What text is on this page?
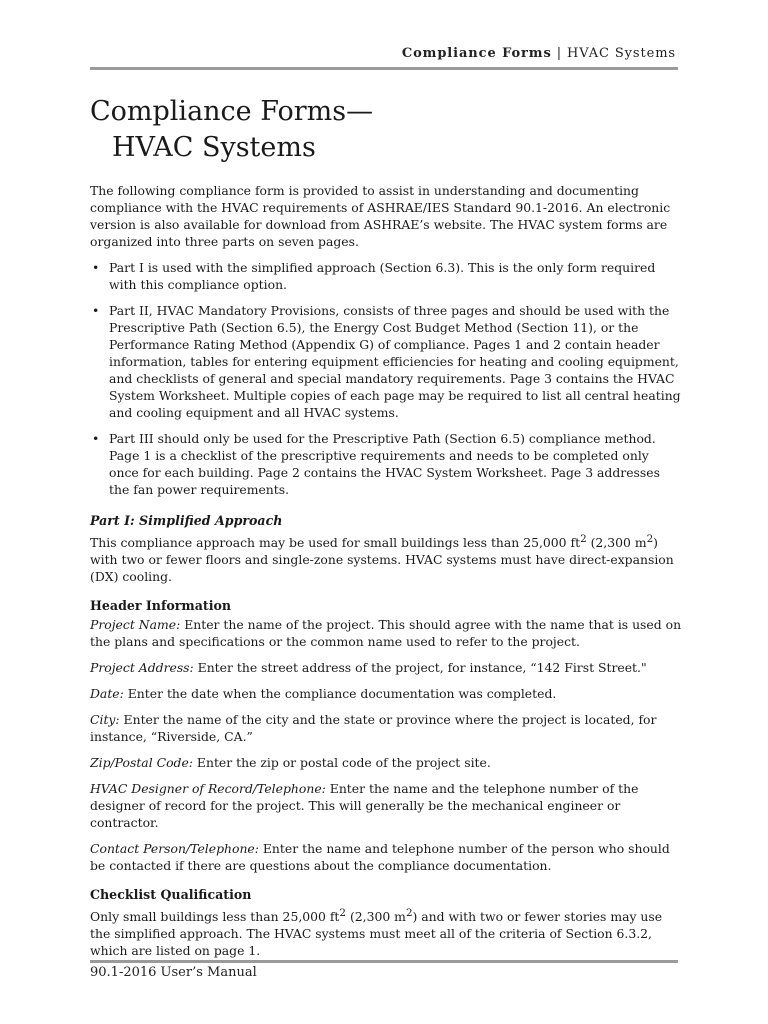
Compliance Forms | HVAC Systems
Compliance Forms—
HVAC Systems

The following compliance form is provided to assist in understanding and documenting compliance with the HVAC requirements of ASHRAE/IES Standard 90.1-2016. An electronic version is also available for download from ASHRAE’s website. The HVAC system forms are organized into three parts on seven pages.

• Part I is used with the simplified approach (Section 6.3). This is the only form required with this compliance option.
• Part II, HVAC Mandatory Provisions, consists of three pages and should be used with the Prescriptive Path (Section 6.5), the Energy Cost Budget Method (Section 11), or the Performance Rating Method (Appendix G) of compliance. Pages 1 and 2 contain header information, tables for entering equipment efficiencies for heating and cooling equipment, and checklists of general and special mandatory requirements. Page 3 contains the HVAC System Worksheet. Multiple copies of each page may be required to list all central heating and cooling equipment and all HVAC systems.
• Part III should only be used for the Prescriptive Path (Section 6.5) compliance method. Page 1 is a checklist of the prescriptive requirements and needs to be completed only once for each building. Page 2 contains the HVAC System Worksheet. Page 3 addresses the fan power requirements.
Part I: Simplified Approach

This compliance approach may be used for small buildings less than 25,000 $ft^2$ (2,300 $m^2$) with two or fewer floors and single-zone systems. HVAC systems must have direct-expansion (DX) cooling.

Header Information

Project Name: Enter the name of the project. This should agree with the name that is used on the plans and specifications or the common name used to refer to the project.

Project Address: Enter the street address of the project, for instance, “142 First Street."

Date: Enter the date when the compliance documentation was completed.

City: Enter the name of the city and the state or province where the project is located, for instance, “Riverside, CA.”

Zip/Postal Code: Enter the zip or postal code of the project site.

HVAC Designer of Record/Telephone: Enter the name and the telephone number of the designer of record for the project. This will generally be the mechanical engineer or contractor.

Contact Person/Telephone: Enter the name and telephone number of the person who should be contacted if there are questions about the compliance documentation.

Checklist Qualification

Only small buildings less than 25,000 $ft^2$ (2,300 $m^2$) and with two or fewer stories may use the simplified approach. The HVAC systems must meet all of the criteria of Section 6.3.2, which are listed on page 1.

90.1-2016 User’s Manual
